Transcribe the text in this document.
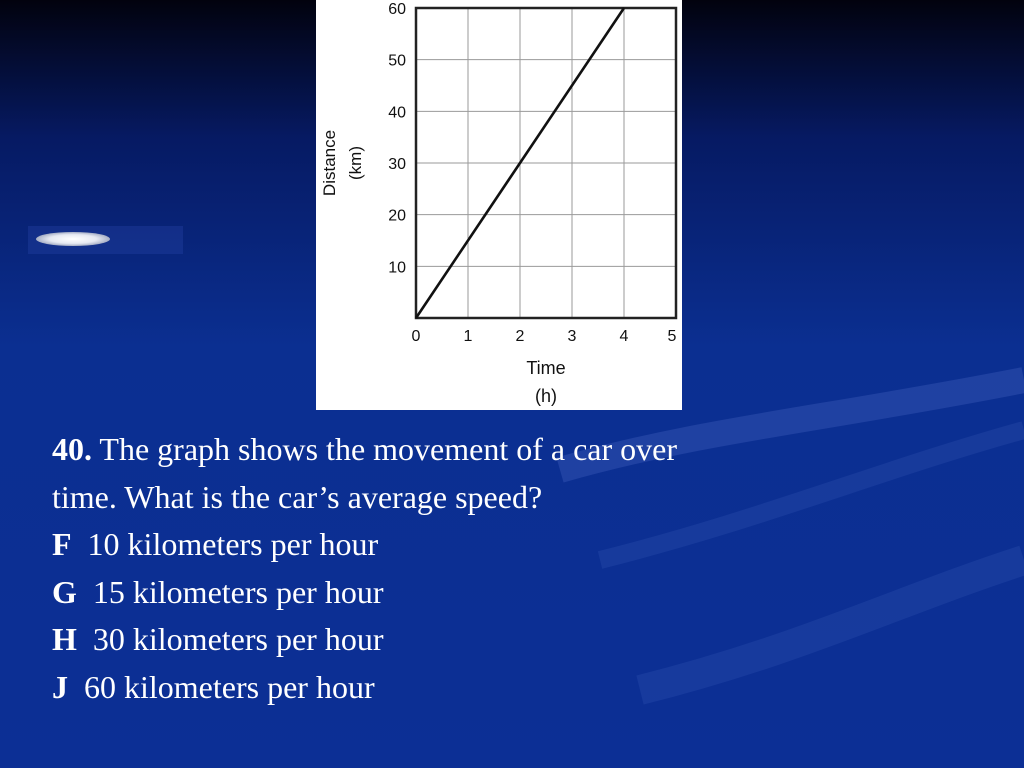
10
20
30
40
50
60
0	1	2	3	4 5
Distance (km)
Time
(h)
40. The graph shows the movement of a car over
time. What is the car’s average speed?
F  10 kilometers per hour
G  15 kilometers per hour
H  30 kilometers per hour
J  60 kilometers per hour
